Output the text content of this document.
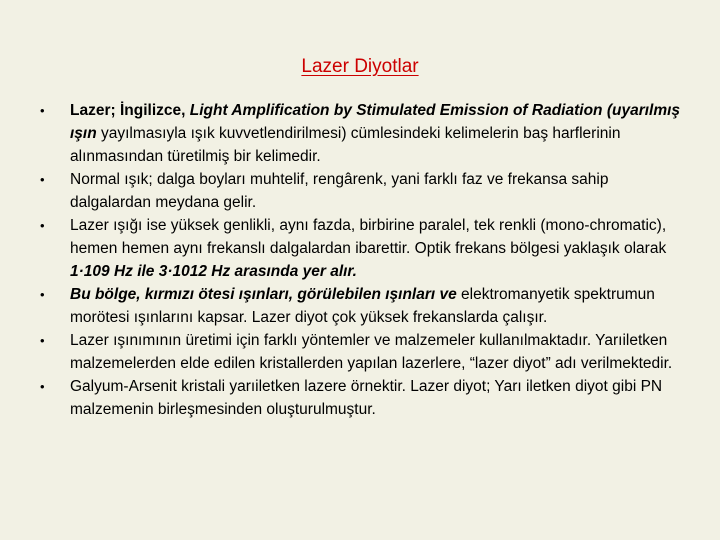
Lazer Diyotlar
•	Lazer; İngilizce, Light Amplification by Stimulated Emission of Radiation (uyarılmış ışın yayılmasıyla ışık kuvvetlendirilmesi) cümlesindeki kelimelerin baş harflerinin alınmasından türetilmiş bir kelimedir.
•	Normal ışık; dalga boyları muhtelif, rengârenk, yani farklı faz ve frekansa sahip dalgalardan meydana gelir.
•	Lazer ışığı ise yüksek genlikli, aynı fazda, birbirine paralel, tek renkli (mono-chromatic), hemen hemen aynı frekanslı dalgalardan ibarettir. Optik frekans bölgesi yaklaşık olarak 1·109 Hz ile 3·1012 Hz arasında yer alır.
•	Bu bölge, kırmızı ötesi ışınları, görülebilen ışınları ve elektromanyetik spektrumun morötesi ışınlarını kapsar. Lazer diyot çok yüksek frekanslarda çalışır.
•	Lazer ışınımının üretimi için farklı yöntemler ve malzemeler kullanılmaktadır. Yarıiletken malzemelerden elde edilen kristallerden yapılan lazerlere, “lazer diyot” adı verilmektedir.
•	Galyum-Arsenit kristali yarıiletken lazere örnektir. Lazer diyot; Yarı iletken diyot gibi PN malzemenin birleşmesinden oluşturulmuştur.
